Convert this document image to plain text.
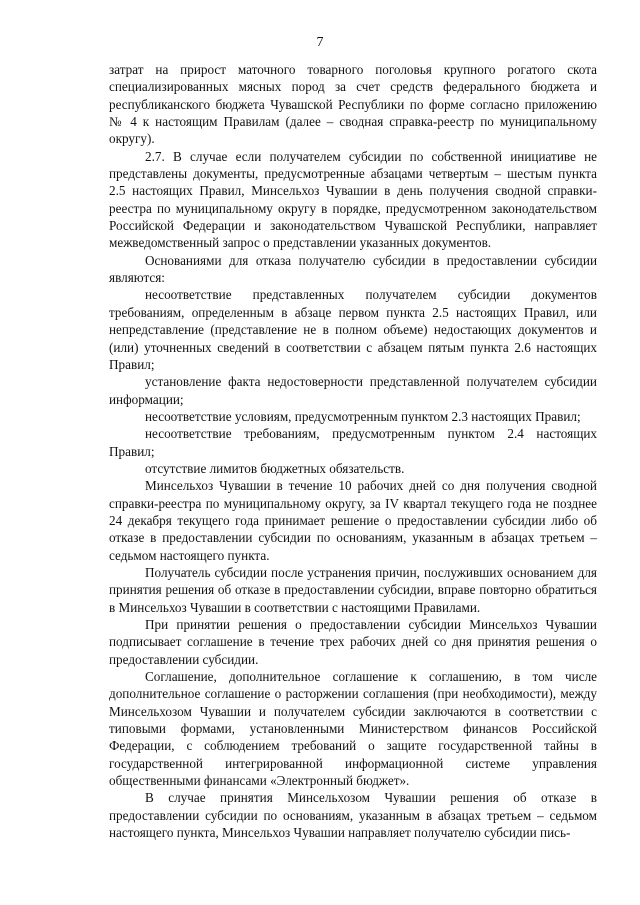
7

затрат на прирост маточного товарного поголовья крупного рогатого скота специализированных мясных пород за счет средств федерального бюджета и республиканского бюджета Чувашской Республики по форме согласно приложению № 4 к настоящим Правилам (далее – сводная справка-реестр по муниципальному округу).

2.7. В случае если получателем субсидии по собственной инициативе не представлены документы, предусмотренные абзацами четвертым – шестым пункта 2.5 настоящих Правил, Минсельхоз Чувашии в день получения сводной справки-реестра по муниципальному округу в порядке, предусмотренном законодательством Российской Федерации и законодательством Чувашской Республики, направляет межведомственный запрос о представлении указанных документов.

Основаниями для отказа получателю субсидии в предоставлении субсидии являются:

несоответствие представленных получателем субсидии документов требованиям, определенным в абзаце первом пункта 2.5 настоящих Правил, или непредставление (представление не в полном объеме) недостающих документов и (или) уточненных сведений в соответствии с абзацем пятым пункта 2.6 настоящих Правил;

установление факта недостоверности представленной получателем субсидии информации;

несоответствие условиям, предусмотренным пунктом 2.3 настоящих Правил;

несоответствие требованиям, предусмотренным пунктом 2.4 настоящих Правил;

отсутствие лимитов бюджетных обязательств.

Минсельхоз Чувашии в течение 10 рабочих дней со дня получения сводной справки-реестра по муниципальному округу, за IV квартал текущего года не позднее 24 декабря текущего года принимает решение о предоставлении субсидии либо об отказе в предоставлении субсидии по основаниям, указанным в абзацах третьем – седьмом настоящего пункта.

Получатель субсидии после устранения причин, послуживших основанием для принятия решения об отказе в предоставлении субсидии, вправе повторно обратиться в Минсельхоз Чувашии в соответствии с настоящими Правилами.

При принятии решения о предоставлении субсидии Минсельхоз Чувашии подписывает соглашение в течение трех рабочих дней со дня принятия решения о предоставлении субсидии.

Соглашение, дополнительное соглашение к соглашению, в том числе дополнительное соглашение о расторжении соглашения (при необходимости), между Минсельхозом Чувашии и получателем субсидии заключаются в соответствии с типовыми формами, установленными Министерством финансов Российской Федерации, с соблюдением требований о защите государственной тайны в государственной интегрированной информационной системе управления общественными финансами «Электронный бюджет».

В случае принятия Минсельхозом Чувашии решения об отказе в предоставлении субсидии по основаниям, указанным в абзацах третьем – седьмом настоящего пункта, Минсельхоз Чувашии направляет получателю субсидии пись-
